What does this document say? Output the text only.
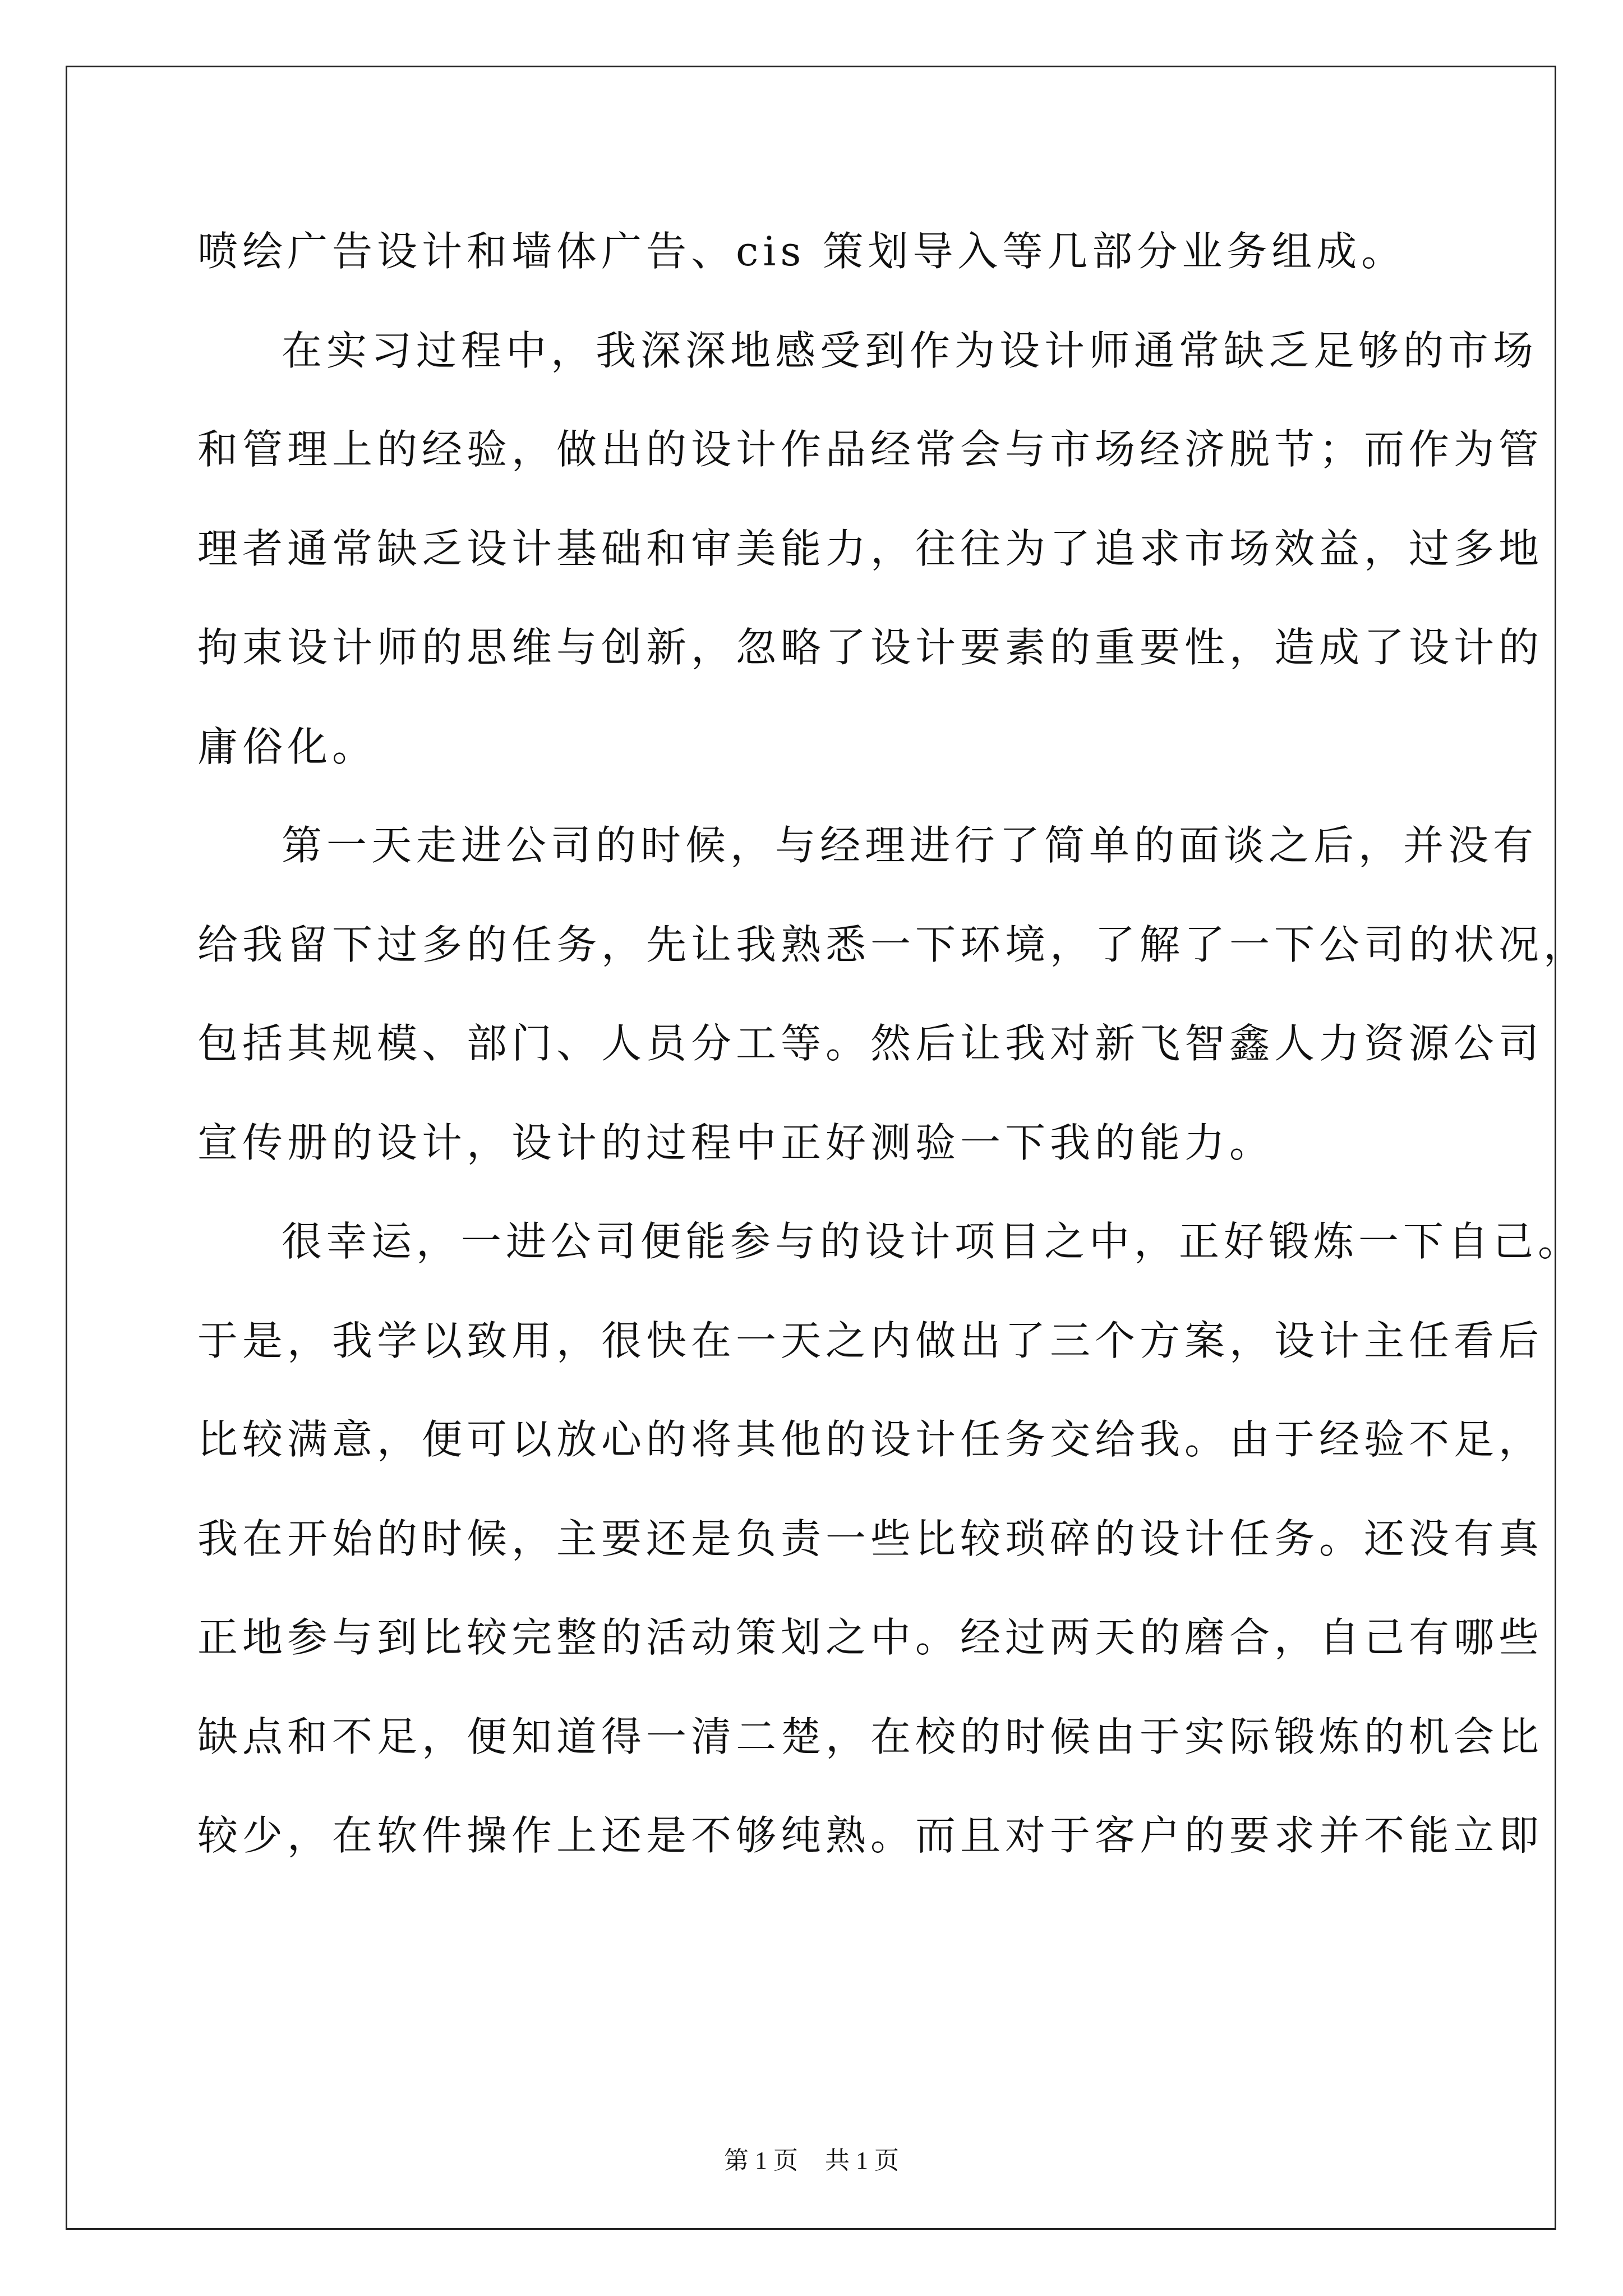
喷绘广告设计和墙体广告、cis 策划导入等几部分业务组成。
在实习过程中，我深深地感受到作为设计师通常缺乏足够的市场
和管理上的经验，做出的设计作品经常会与市场经济脱节；而作为管
理者通常缺乏设计基础和审美能力，往往为了追求市场效益，过多地
拘束设计师的思维与创新，忽略了设计要素的重要性，造成了设计的
庸俗化。
第一天走进公司的时候，与经理进行了简单的面谈之后，并没有
给我留下过多的任务，先让我熟悉一下环境，了解了一下公司的状况，
包括其规模、部门、人员分工等。然后让我对新飞智鑫人力资源公司
宣传册的设计，设计的过程中正好测验一下我的能力。
很幸运，一进公司便能参与的设计项目之中，正好锻炼一下自己。
于是，我学以致用，很快在一天之内做出了三个方案，设计主任看后
比较满意，便可以放心的将其他的设计任务交给我。由于经验不足，
我在开始的时候，主要还是负责一些比较琐碎的设计任务。还没有真
正地参与到比较完整的活动策划之中。经过两天的磨合，自己有哪些
缺点和不足，便知道得一清二楚，在校的时候由于实际锻炼的机会比
较少，在软件操作上还是不够纯熟。而且对于客户的要求并不能立即
第 1 页 共 1 页
